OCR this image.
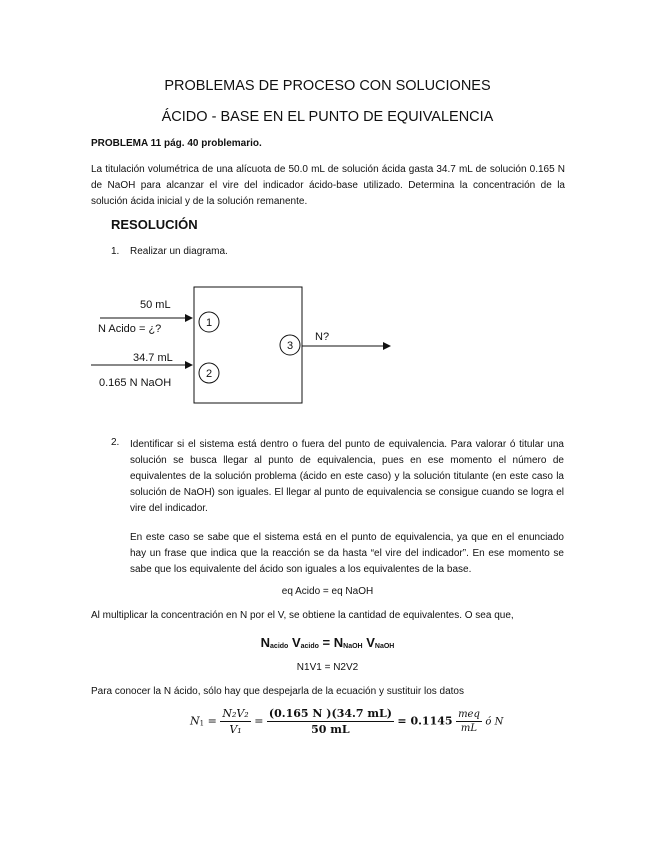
PROBLEMAS DE PROCESO CON SOLUCIONES
ÁCIDO - BASE EN EL PUNTO DE EQUIVALENCIA
PROBLEMA 11 pág. 40 problemario.
La titulación volumétrica de una alícuota de 50.0 mL de solución ácida gasta 34.7 mL de solución 0.165 N de NaOH para alcanzar el vire del indicador ácido-base utilizado. Determina la concentración de la solución ácida inicial y de la solución remanente.
RESOLUCIÓN
1. Realizar un diagrama.
1
2
3
50 mL
N Acido = ¿?
34.7 mL
0.165 N NaOH
N?
2. Identificar si el sistema está dentro o fuera del punto de equivalencia. Para valorar ó titular una solución se busca llegar al punto de equivalencia, pues en ese momento el número de equivalentes de la solución problema (ácido en este caso) y la solución titulante (en este caso la solución de NaOH) son iguales. El llegar al punto de equivalencia se consigue cuando se logra el vire del indicador.
En este caso se sabe que el sistema está en el punto de equivalencia, ya que en el enunciado hay un frase que indica que la reacción se da hasta “el vire del indicador”. En ese momento se sabe que los equivalente del ácido son iguales a los equivalentes de la base.
eq Acido = eq NaOH
Al multiplicar la concentración en N por el V, se obtiene la cantidad de equivalentes. O sea que,
$N_{acido}$ $V_{acido} = N_{NaOH}$ $V_{NaOH}$
N1V1 = N2V2
Para conocer la N ácido, sólo hay que despejarla de la ecuación y sustituir los datos
$N_1 = \frac{\text{N₂V₂}}{\text{V₁}} = \frac{(0.165 N )(34.7 mL)}{50 mL} = 0.1145 \frac{\text{meq}}{mL}$ ó N
